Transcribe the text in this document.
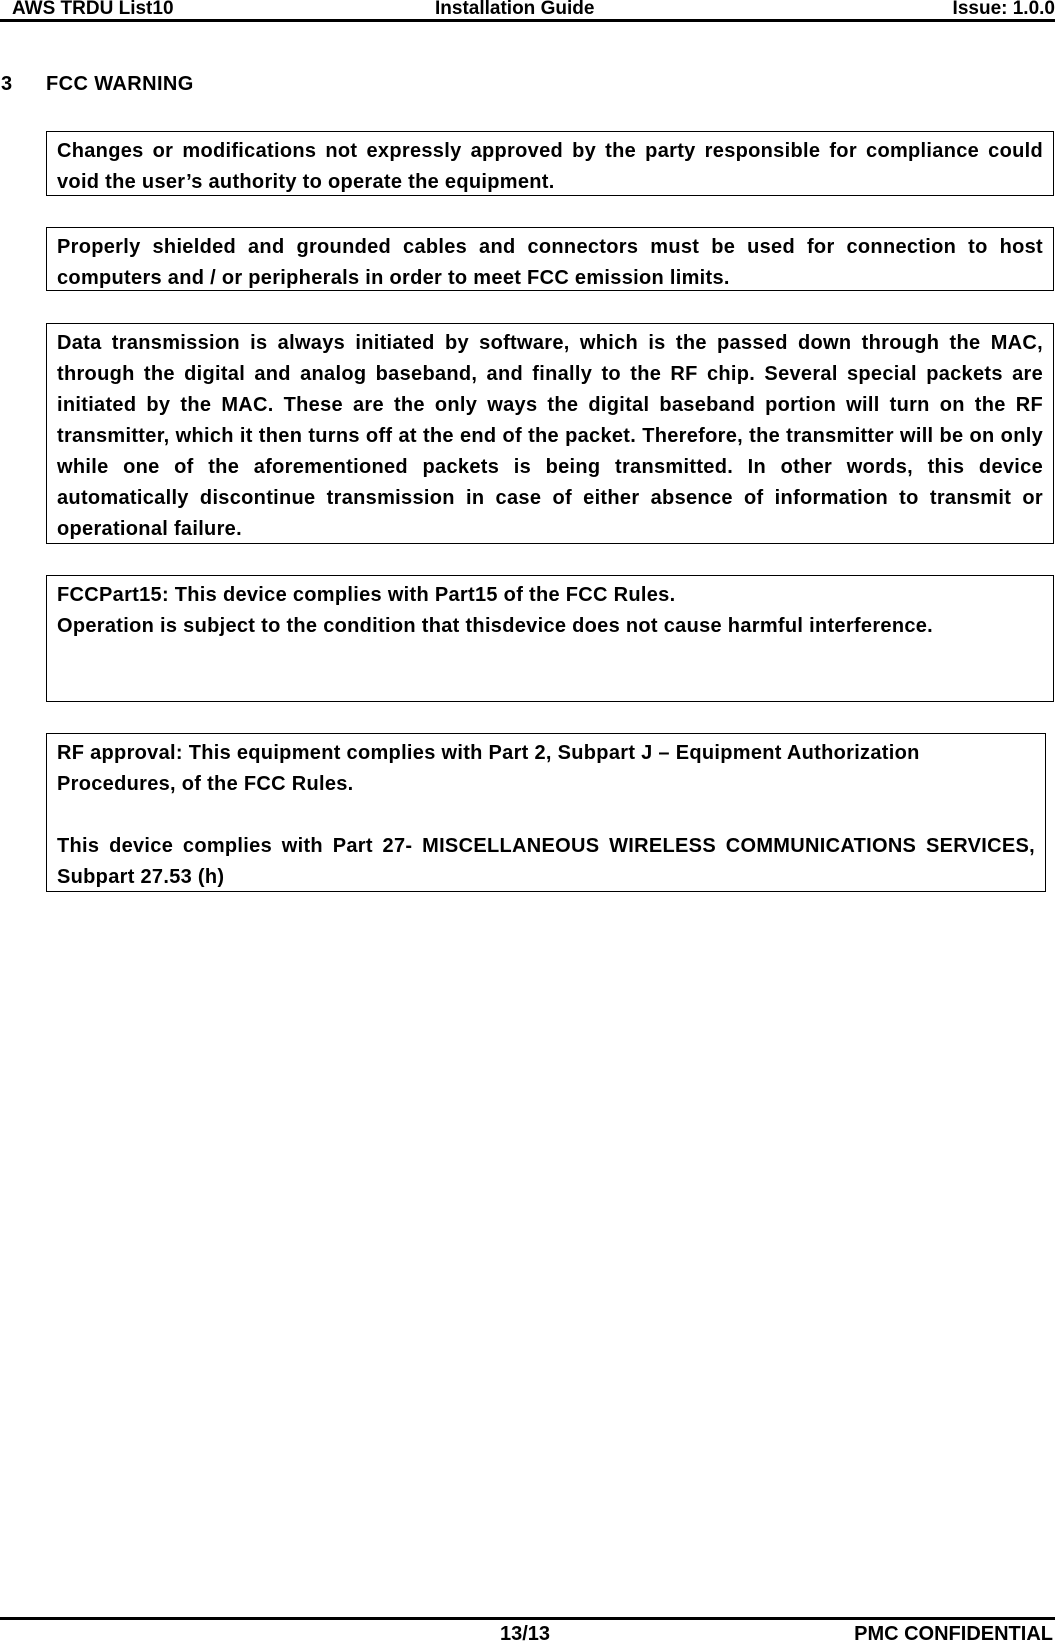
AWS TRDU List10	Installation Guide	Issue: 1.0.0
3 FCC WARNING

Changes or modifications not expressly approved by the party responsible for compliance could void the user’s authority to operate the equipment.

Properly shielded and grounded cables and connectors must be used for connection to host computers and / or peripherals in order to meet FCC emission limits.

Data transmission is always initiated by software, which is the passed down through the MAC, through the digital and analog baseband, and finally to the RF chip. Several special packets are initiated by the MAC. These are the only ways the digital baseband portion will turn on the RF transmitter, which it then turns off at the end of the packet. Therefore, the transmitter will be on only while one of the aforementioned packets is being transmitted. In other words, this device automatically discontinue transmission in case of either absence of information to transmit or operational failure.

FCCPart15: This device complies with Part15 of the FCC Rules.

Operation is subject to the condition that thisdevice does not cause harmful interference.

RF approval: This equipment complies with Part 2, Subpart J – Equipment Authorization Procedures, of the FCC Rules.

This device complies with Part 27- MISCELLANEOUS WIRELESS COMMUNICATIONS SERVICES, Subpart 27.53 (h)

13/13	PMC CONFIDENTIAL
